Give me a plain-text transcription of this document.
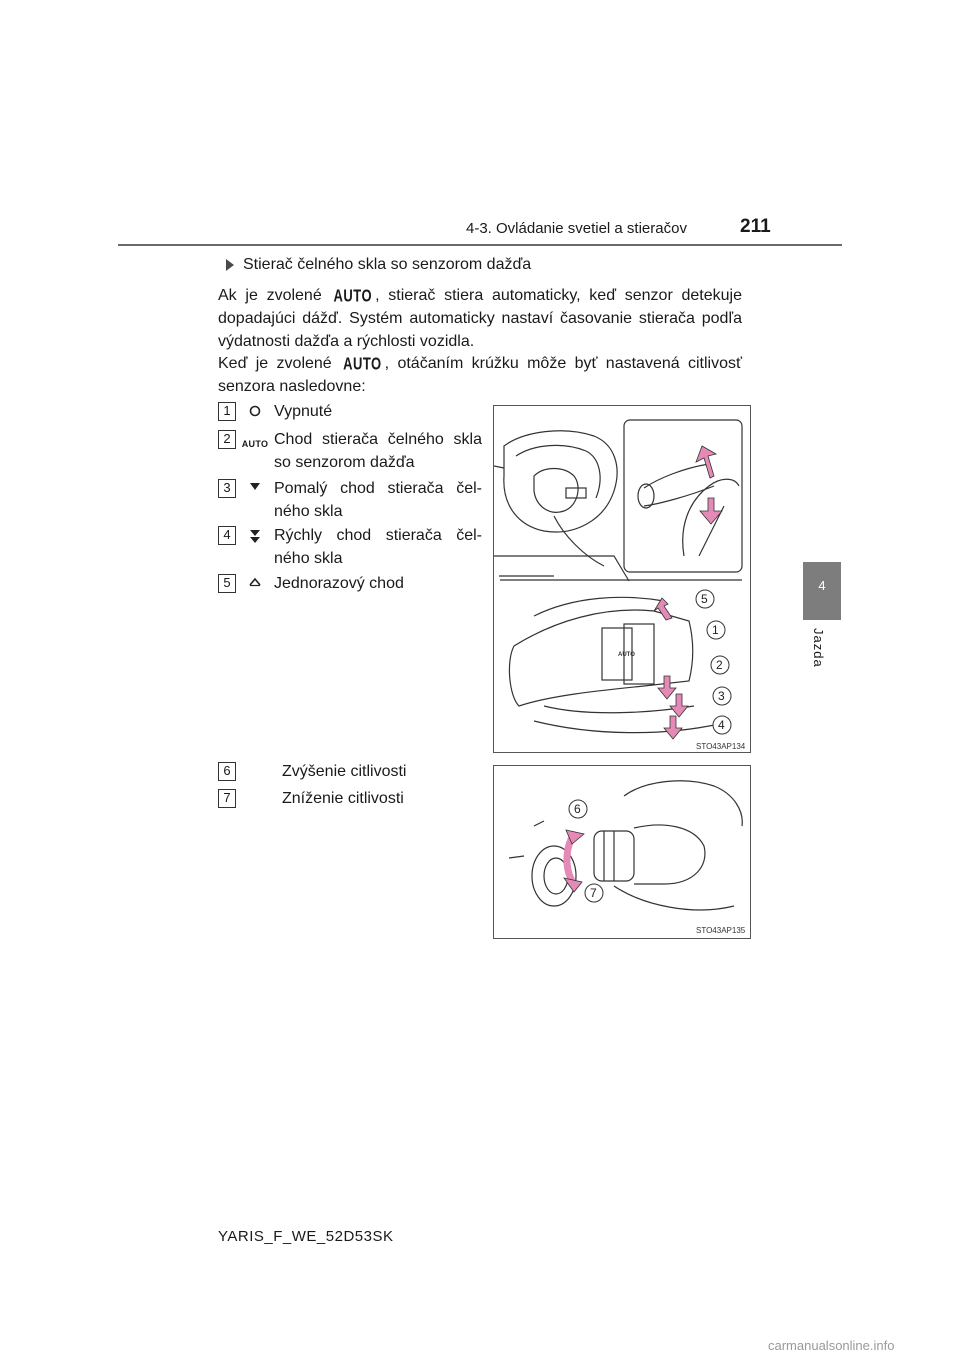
4-3. Ovládanie svetiel a stieračov	211
4
Jazda
Stierač čelného skla so senzorom dažďa
Ak je zvolené AUTO , stierač stiera automaticky, keď senzor detekuje dopadajúci dážď. Systém automaticky nastaví časovanie stierača podľa výdatnosti dažďa a rýchlosti vozidla.
Keď je zvolené AUTO , otáčaním krúžku môže byť nastavená citlivosť senzora nasledovne:
1	Vypnuté
2	AUTO Chod stierača čelného skla so senzorom dažďa
3	Pomalý chod stierača čel-ného skla
4	Rýchly chod stierača čel-ného skla
5	Jednorazový chod
6	Zvýšenie citlivosti
7	Zníženie citlivosti
AUTO
5
1
2
3
4
STO43AP134
6
7
STO43AP135
YARIS_F_WE_52D53SK
carmanualsonline.info
